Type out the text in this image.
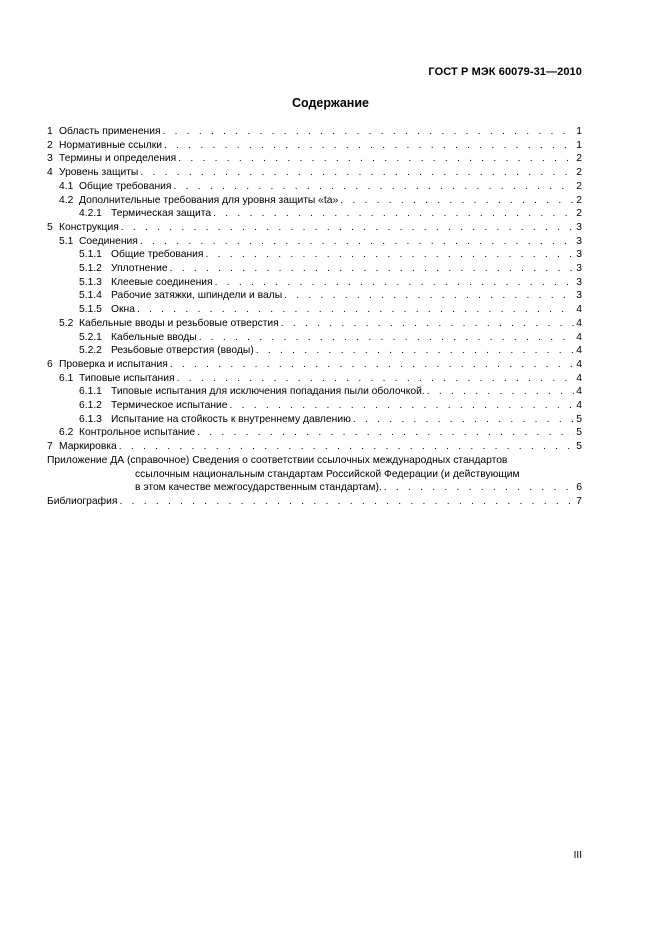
ГОСТ Р МЭК 60079-31—2010
Содержание
1 Область применения . . .	1
2 Нормативные ссылки . . .	1
3 Термины и определения . . .	2
4 Уровень защиты . . .	2
4.1 Общие требования . . .	2
4.2 Дополнительные требования для уровня защиты «ta» . . .	2
4.2.1 Термическая защита . . .	2
5 Конструкция . . .	3
5.1 Соединения . . .	3
5.1.1 Общие требования . . .	3
5.1.2 Уплотнение . . .	3
5.1.3 Клеевые соединения . . .	3
5.1.4 Рабочие затяжки, шпиндели и валы . . .	3
5.1.5 Окна . . .	4
5.2 Кабельные вводы и резьбовые отверстия . . .	4
5.2.1 Кабельные вводы . . .	4
5.2.2 Резьбовые отверстия (вводы) . . .	4
6 Проверка и испытания . . .	4
6.1 Типовые испытания . . .	4
6.1.1 Типовые испытания для исключения попадания пыли оболочкой. . . .	4
6.1.2 Термическое испытание . . .	4
6.1.3 Испытание на стойкость к внутреннему давлению . . .	5
6.2 Контрольное испытание . . .	5
7 Маркировка . . .	5
Приложение ДА (справочное) Сведения о соответствии ссылочных международных стандартов
ссылочным национальным стандартам Российской Федерации (и действующим
в этом качестве межгосударственным стандартам). . . .	6
Библиография . . .	7
III
